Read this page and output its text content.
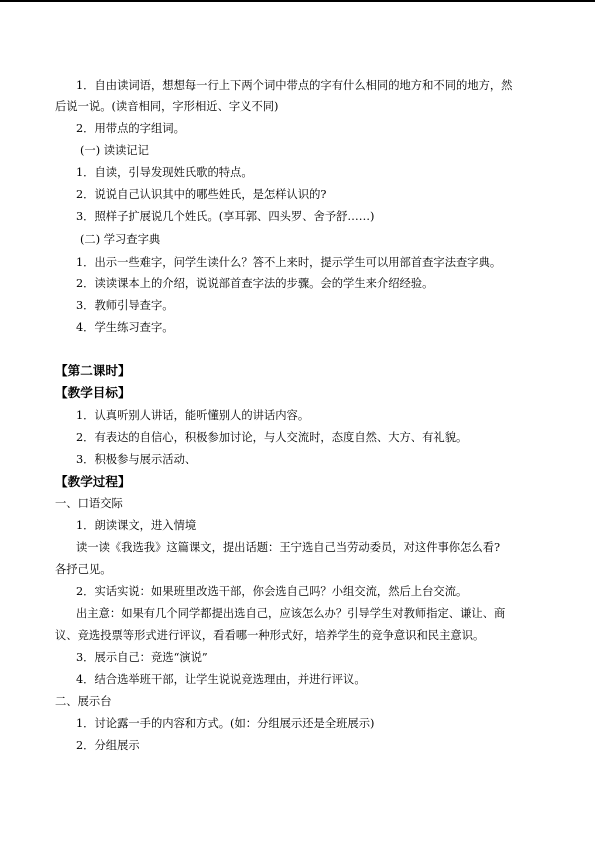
1．自由读词语，想想每一行上下两个词中带点的字有什么相同的地方和不同的地方，然
后说一说。(读音相同，字形相近、字义不同)
2．用带点的字组词。
(一) 读读记记
1．自读，引导发现姓氏歌的特点。
2．说说自己认识其中的哪些姓氏，是怎样认识的?
3．照样子扩展说几个姓氏。(享耳郭、四头罗、舍予舒……)
(二) 学习查字典
1．出示一些难字，问学生读什么？答不上来时，提示学生可以用部首查字法查字典。
2．读读课本上的介绍，说说部首查字法的步骤。会的学生来介绍经验。
3．教师引导查字。
4．学生练习查字。
【第二课时】
【教学目标】
1．认真听别人讲话，能听懂别人的讲话内容。
2．有表达的自信心，积极参加讨论，与人交流时，态度自然、大方、有礼貌。
3．积极参与展示活动、
【教学过程】
一、口语交际
1．朗读课文，进入情境
读一读《我选我》这篇课文，提出话题：王宁选自己当劳动委员，对这件事你怎么看?
各抒己见。
2．实话实说：如果班里改选干部，你会选自己吗？小组交流，然后上台交流。
出主意：如果有几个同学都提出选自己，应该怎么办？引导学生对教师指定、谦让、商
议、竞选投票等形式进行评议，看看哪一种形式好，培养学生的竞争意识和民主意识。
3．展示自己：竞选“演说”
4．结合选举班干部，让学生说说竞选理由，并进行评议。
二、展示台
1．讨论露一手的内容和方式。(如：分组展示还是全班展示)
2．分组展示
